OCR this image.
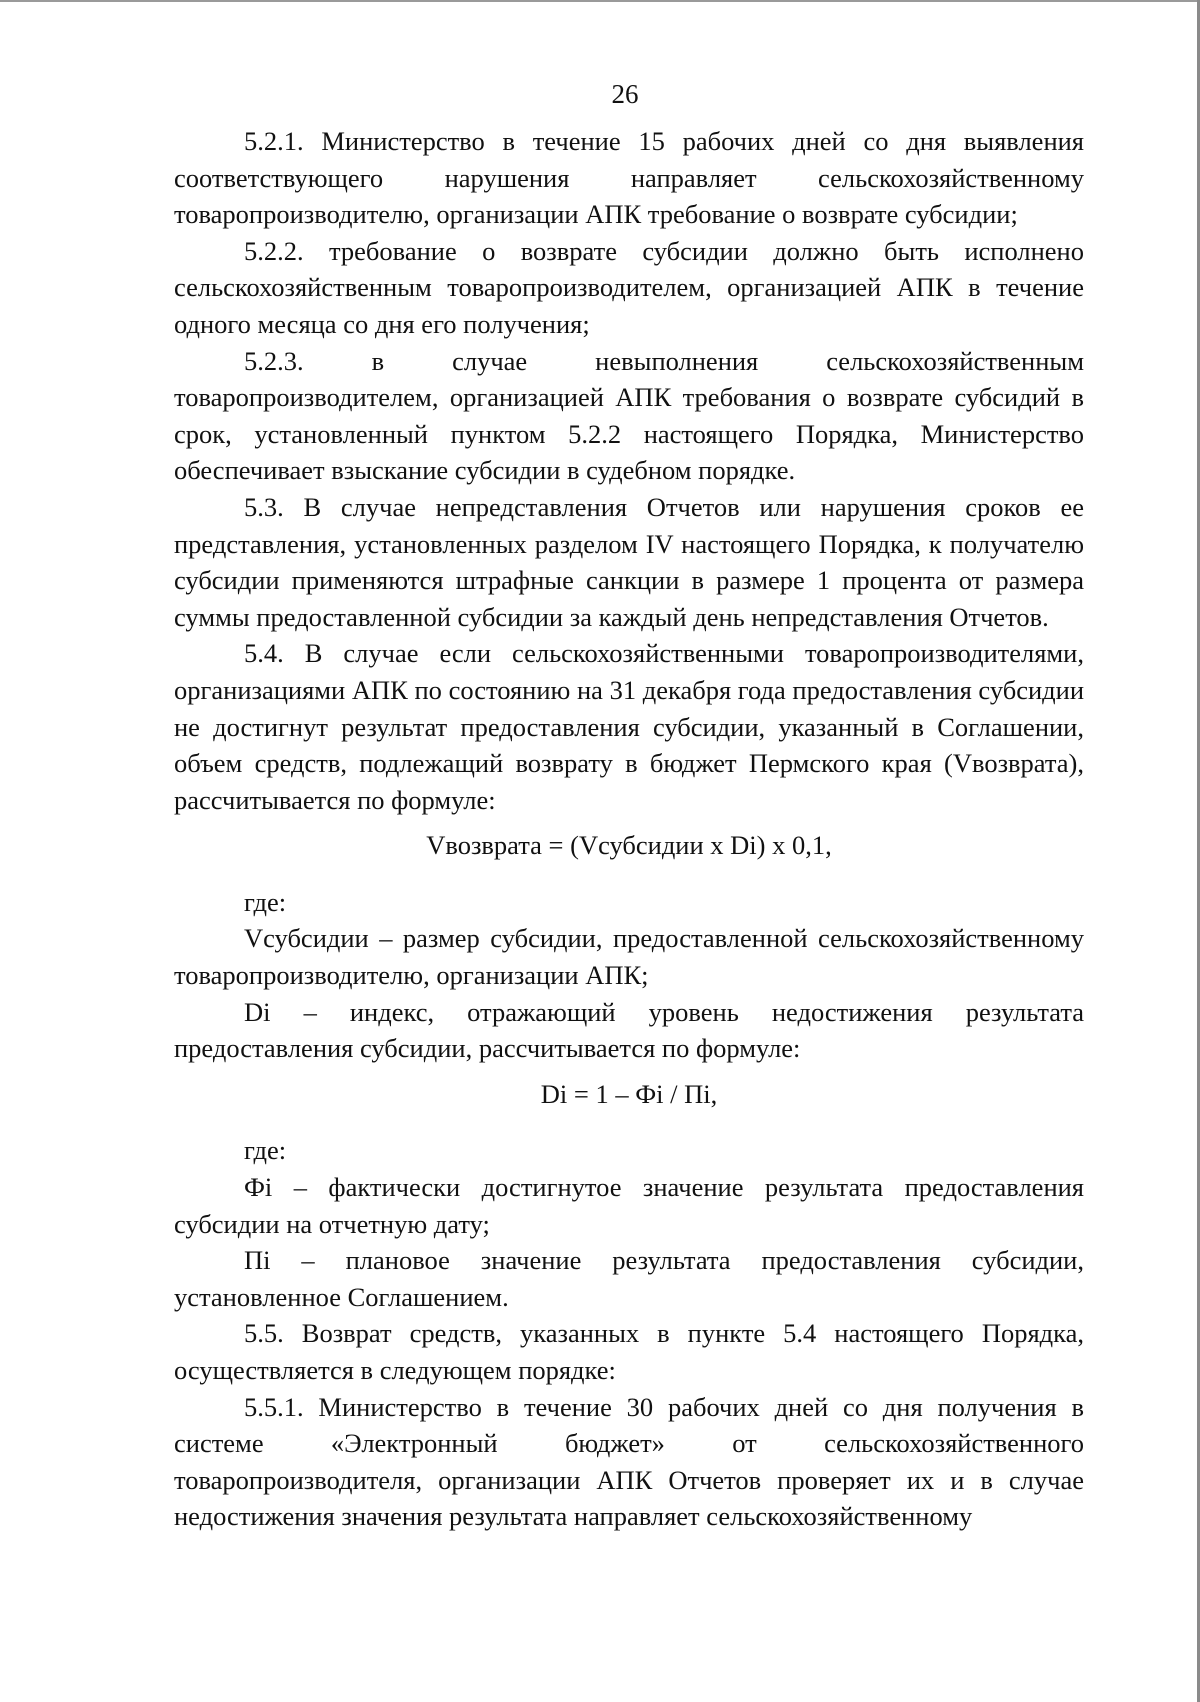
26

5.2.1. Министерство в течение 15 рабочих дней со дня выявления соответствующего нарушения направляет сельскохозяйственному товаропроизводителю, организации АПК требование о возврате субсидии;

5.2.2. требование о возврате субсидии должно быть исполнено сельскохозяйственным товаропроизводителем, организацией АПК в течение одного месяца со дня его получения;

5.2.3. в случае невыполнения сельскохозяйственным товаропроизводителем, организацией АПК требования о возврате субсидий в срок, установленный пунктом 5.2.2 настоящего Порядка, Министерство обеспечивает взыскание субсидии в судебном порядке.

5.3. В случае непредставления Отчетов или нарушения сроков ее представления, установленных разделом IV настоящего Порядка, к получателю субсидии применяются штрафные санкции в размере 1 процента от размера суммы предоставленной субсидии за каждый день непредставления Отчетов.

5.4. В случае если сельскохозяйственными товаропроизводителями, организациями АПК по состоянию на 31 декабря года предоставления субсидии не достигнут результат предоставления субсидии, указанный в Соглашении, объем средств, подлежащий возврату в бюджет Пермского края (Vвозврата), рассчитывается по формуле:

Vвозврата = (Vсубсидии x Di) x 0,1,

где:

Vсубсидии – размер субсидии, предоставленной сельскохозяйственному товаропроизводителю, организации АПК;

Di – индекс, отражающий уровень недостижения результата предоставления субсидии, рассчитывается по формуле:

Di = 1 – Фi / Пi,

где:

Фi – фактически достигнутое значение результата предоставления субсидии на отчетную дату;

Пi – плановое значение результата предоставления субсидии, установленное Соглашением.

5.5. Возврат средств, указанных в пункте 5.4 настоящего Порядка, осуществляется в следующем порядке:

5.5.1. Министерство в течение 30 рабочих дней со дня получения в системе «Электронный бюджет» от сельскохозяйственного товаропроизводителя, организации АПК Отчетов проверяет их и в случае недостижения значения результата направляет сельскохозяйственному
